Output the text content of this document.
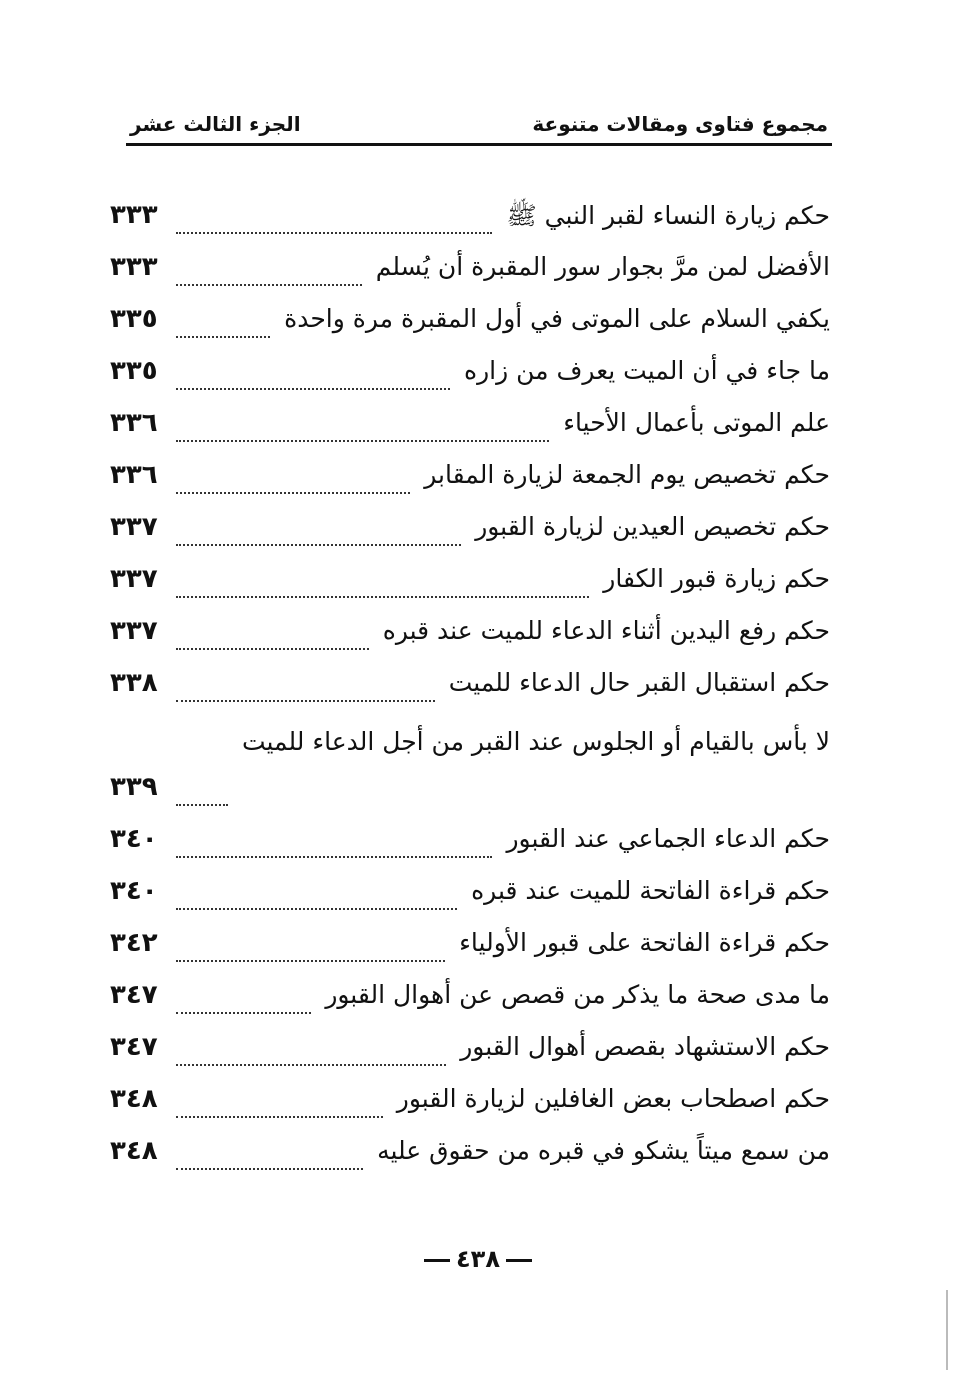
مجموع فتاوى ومقالات متنوعة
الجزء الثالث عشر
حكم زيارة النساء لقبر النبي ﷺ
٣٣٣
الأفضل لمن مرَّ بجوار سور المقبرة أن يُسلم
٣٣٣
يكفي السلام على الموتى في أول المقبرة مرة واحدة
٣٣٥
ما جاء في أن الميت يعرف من زاره
٣٣٥
علم الموتى بأعمال الأحياء
٣٣٦
حكم تخصيص يوم الجمعة لزيارة المقابر
٣٣٦
حكم تخصيص العيدين لزيارة القبور
٣٣٧
حكم زيارة قبور الكفار
٣٣٧
حكم رفع اليدين أثناء الدعاء للميت عند قبره
٣٣٧
حكم استقبال القبر حال الدعاء للميت
٣٣٨
لا بأس بالقيام أو الجلوس عند القبر من أجل الدعاء للميت
٣٣٩
حكم الدعاء الجماعي عند القبور
٣٤٠
حكم قراءة الفاتحة للميت عند قبره
٣٤٠
حكم قراءة الفاتحة على قبور الأولياء
٣٤٢
ما مدى صحة ما يذكر من قصص عن أهوال القبور
٣٤٧
حكم الاستشهاد بقصص أهوال القبور
٣٤٧
حكم اصطحاب بعض الغافلين لزيارة القبور
٣٤٨
من سمع ميتاً يشكو في قبره من حقوق عليه
٣٤٨
٤٣٨
